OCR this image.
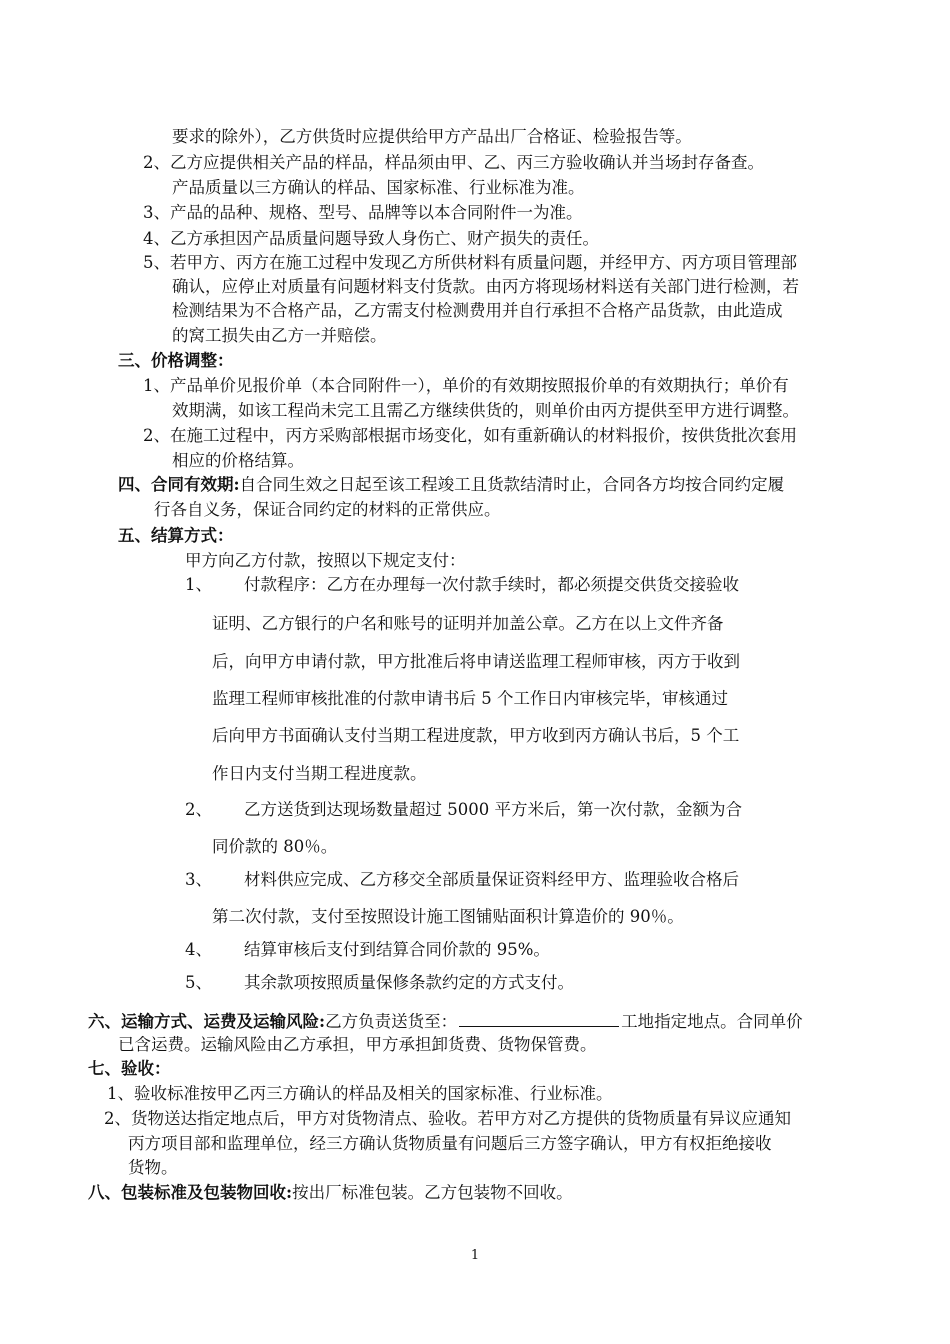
要求的除外），乙方供货时应提供给甲方产品出厂合格证、检验报告等。
2、乙方应提供相关产品的样品，样品须由甲、乙、丙三方验收确认并当场封存备查。
产品质量以三方确认的样品、国家标准、行业标准为准。
3、产品的品种、规格、型号、品牌等以本合同附件一为准。
4、乙方承担因产品质量问题导致人身伤亡、财产损失的责任。
5、若甲方、丙方在施工过程中发现乙方所供材料有质量问题，并经甲方、丙方项目管理部
确认，应停止对质量有问题材料支付货款。由丙方将现场材料送有关部门进行检测，若
检测结果为不合格产品，乙方需支付检测费用并自行承担不合格产品货款，由此造成
的窝工损失由乙方一并赔偿。
三、价格调整：
1、产品单价见报价单（本合同附件一），单价的有效期按照报价单的有效期执行；单价有
效期满，如该工程尚未完工且需乙方继续供货的，则单价由丙方提供至甲方进行调整。
2、在施工过程中，丙方采购部根据市场变化，如有重新确认的材料报价，按供货批次套用
相应的价格结算。
四、合同有效期:自合同生效之日起至该工程竣工且货款结清时止，合同各方均按合同约定履
行各自义务，保证合同约定的材料的正常供应。
五、结算方式：
甲方向乙方付款，按照以下规定支付：
1、 付款程序：乙方在办理每一次付款手续时，都必须提交供货交接验收
证明、乙方银行的户名和账号的证明并加盖公章。乙方在以上文件齐备
后，向甲方申请付款，甲方批准后将申请送监理工程师审核，丙方于收到
监理工程师审核批准的付款申请书后 5 个工作日内审核完毕，审核通过
后向甲方书面确认支付当期工程进度款，甲方收到丙方确认书后，5 个工
作日内支付当期工程进度款。
2、 乙方送货到达现场数量超过 5000 平方米后，第一次付款，金额为合
同价款的 80％。
3、 材料供应完成、乙方移交全部质量保证资料经甲方、监理验收合格后
第二次付款，支付至按照设计施工图铺贴面积计算造价的 90％。
4、 结算审核后支付到结算合同价款的 95%。
5、 其余款项按照质量保修条款约定的方式支付。
六、运输方式、运费及运输风险:乙方负责送货至：	工地指定地点。合同单价
已含运费。运输风险由乙方承担，甲方承担卸货费、货物保管费。
七、验收：
1、验收标准按甲乙丙三方确认的样品及相关的国家标准、行业标准。
2、货物送达指定地点后，甲方对货物清点、验收。若甲方对乙方提供的货物质量有异议应通知
丙方项目部和监理单位，经三方确认货物质量有问题后三方签字确认，甲方有权拒绝接收
货物。
八、包装标准及包装物回收:按出厂标准包装。乙方包装物不回收。
1
